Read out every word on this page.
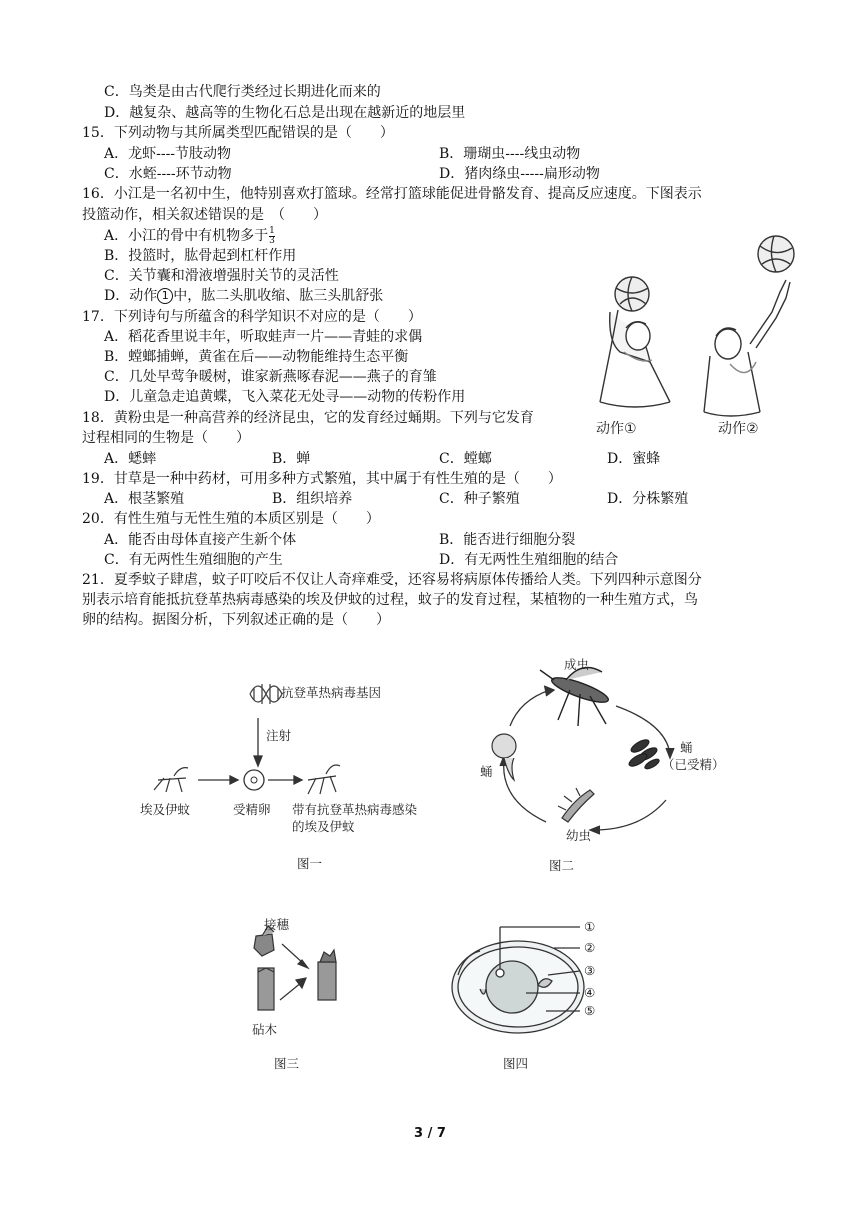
C．鸟类是由古代爬行类经过长期进化而来的
D．越复杂、越高等的生物化石总是出现在越新近的地层里
15．下列动物与其所属类型匹配错误的是（　　）
A．龙虾----节肢动物	B．珊瑚虫----线虫动物
C．水蛭----环节动物	D．猪肉绦虫-----扁形动物
16．小江是一名初中生，他特别喜欢打篮球。经常打篮球能促进骨骼发育、提高反应速度。下图表示
投篮动作，相关叙述错误的是　（　　）
A．小江的骨中有机物多于 $\frac{1}{3}$
B．投篮时，肱骨起到杠杆作用
C．关节囊和滑液增强肘关节的灵活性
D．动作 1 中，肱二头肌收缩、肱三头肌舒张
17．下列诗句与所蕴含的科学知识不对应的是（　　）
A．稻花香里说丰年，听取蛙声一片——青蛙的求偶
B．螳螂捕蝉，黄雀在后——动物能维持生态平衡
C．几处早莺争暖树，谁家新燕啄春泥——燕子的育雏
D．儿童急走追黄蝶，飞入菜花无处寻——动物的传粉作用
18．黄粉虫是一种高营养的经济昆虫，它的发育经过蛹期。下列与它发育
过程相同的生物是（　　）
A．蟋蟀	B．蝉	C．螳螂	D．蜜蜂
19．甘草是一种中药材，可用多种方式繁殖，其中属于有性生殖的是（　　）
A．根茎繁殖	B．组织培养	C．种子繁殖	D．分株繁殖
20．有性生殖与无性生殖的本质区别是（　　）
A．能否由母体直接产生新个体	B．能否进行细胞分裂
C．有无两性生殖细胞的产生	D．有无两性生殖细胞的结合
21．夏季蚊子肆虐，蚊子叮咬后不仅让人奇痒难受，还容易将病原体传播给人类。下列四种示意图分
别表示培育能抵抗登革热病毒感染的埃及伊蚊的过程，蚊子的发育过程，某植物的一种生殖方式，鸟
卵的结构。据图分析，下列叙述正确的是（　　）
动作①	动作②
抗登革热病毒基因
注射
埃及伊蚊	受精卵 带有抗登革热病毒感染
的埃及伊蚊
图一
成虫
蛹
（已受精）
蛹
幼虫
图二
接穗
砧木
图三
①
②
③
④
⑤
图四
3 / 7
